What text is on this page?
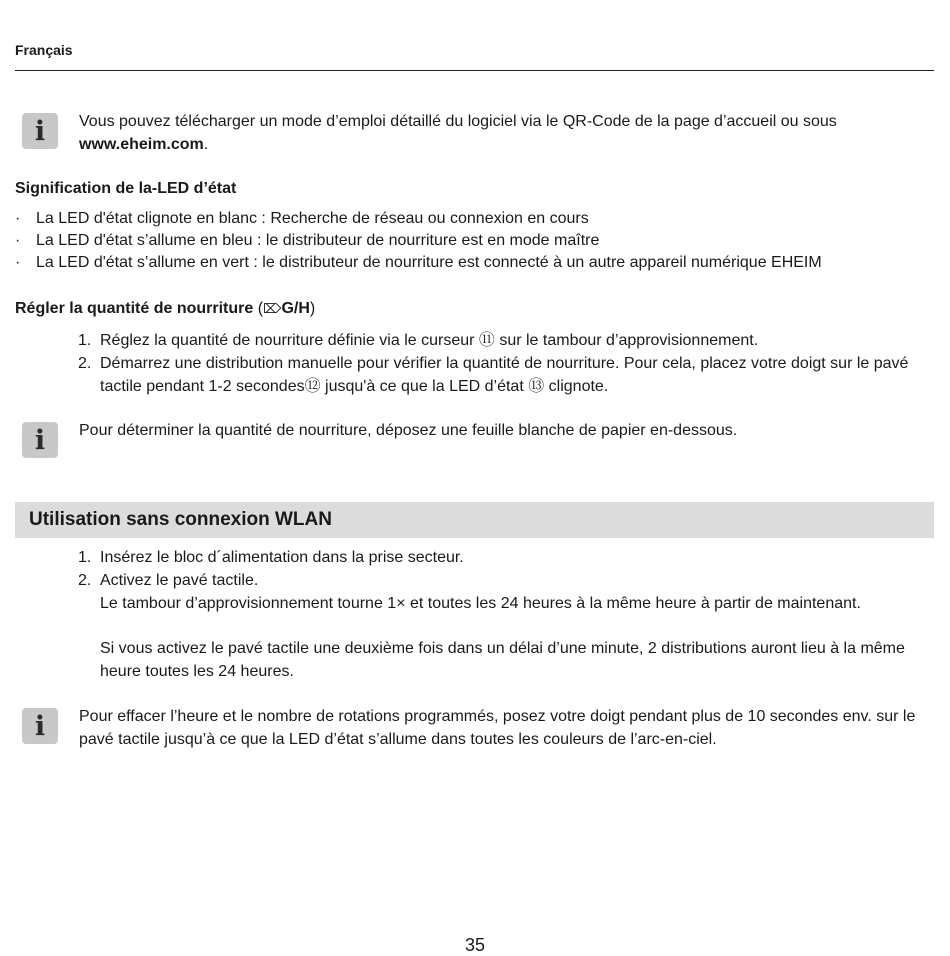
Français
i	Vous pouvez télécharger un mode d’emploi détaillé du logiciel via le QR-Code de la page d’accueil ou sous www.eheim.com.
Signification de la-LED d’état
· La LED d'état clignote en blanc : Recherche de réseau ou connexion en cours
· La LED d'état s’allume en bleu : le distributeur de nourriture est en mode maître
· La LED d'état s’allume en vert : le distributeur de nourriture est connecté à un autre appareil numérique EHEIM
Régler la quantité de nourriture (⌦G/H)
1. Réglez la quantité de nourriture définie via le curseur ⑪ sur le tambour d’approvisionnement.
2. Démarrez une distribution manuelle pour vérifier la quantité de nourriture. Pour cela, placez votre doigt sur le pavé tactile pendant 1-2 secondes⑫ jusqu'à ce que la LED d’état ⑬ clignote.
i	Pour déterminer la quantité de nourriture, déposez une feuille blanche de papier en-dessous.
Utilisation sans connexion WLAN
1. Insérez le bloc d´alimentation dans la prise secteur.
2. Activez le pavé tactile.
Le tambour d’approvisionnement tourne 1× et toutes les 24 heures à la même heure à partir de maintenant.
Si vous activez le pavé tactile une deuxième fois dans un délai d’une minute, 2 distributions auront lieu à la même heure toutes les 24 heures.
i	Pour effacer l’heure et le nombre de rotations programmés, posez votre doigt pendant plus de 10 secondes env. sur le pavé tactile jusqu’à ce que la LED d’état s’allume dans toutes les couleurs de l’arc-en-ciel.
35
